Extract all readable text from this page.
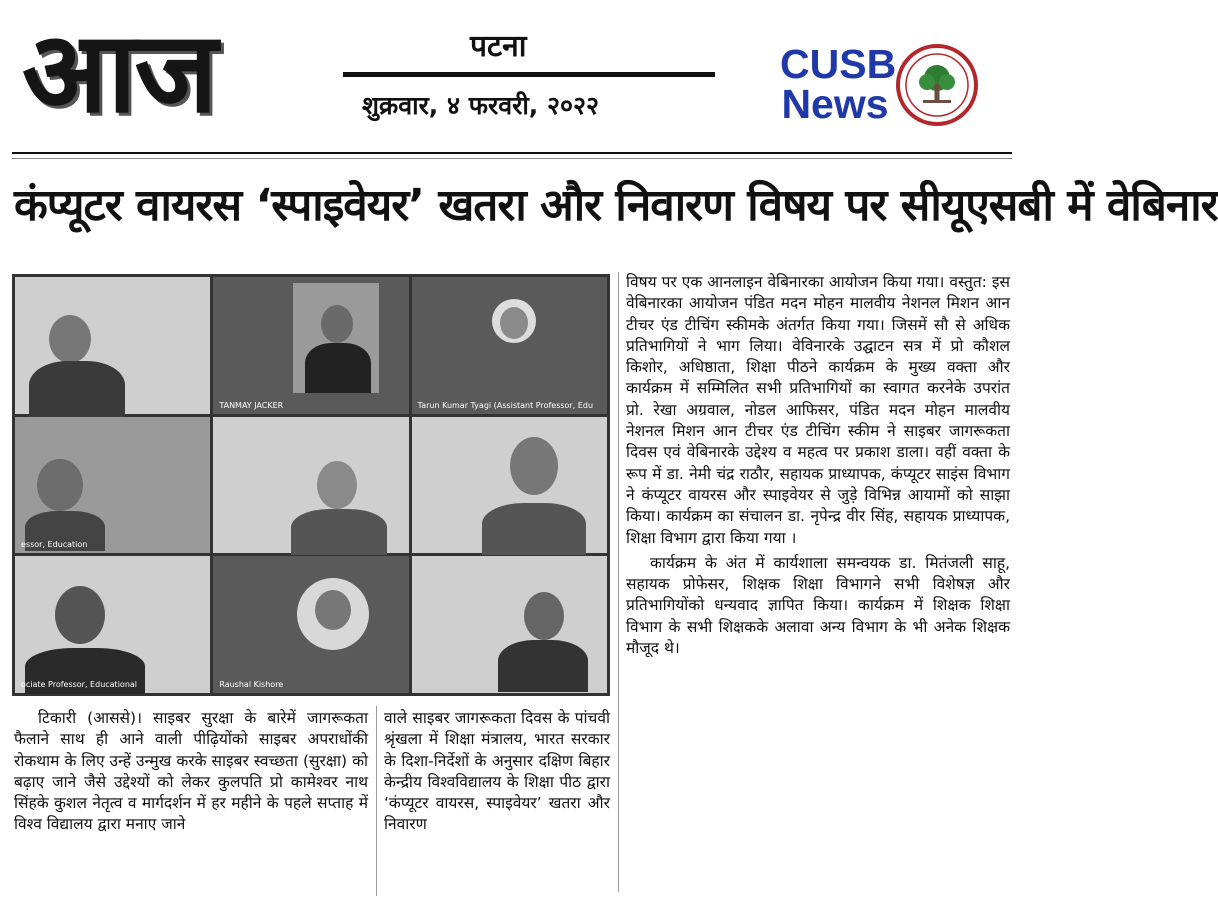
आज	पटना
शुक्रवार, ४ फरवरी, २०२२
CUSB
News
कंप्यूटर वायरस ‘स्पाइवेयर’ खतरा और निवारण विषय पर सीयूएसबी में वेबिनार
TANMAY JACKER	Tarun Kumar Tyagi (Assistant Professor, Edu
essor, Education
ociate Professor, Educational	Raushal Kishore

टिकारी (आससे)। साइबर सुरक्षा के बारेमें जागरूकता फैलाने साथ ही आने वाली पीढ़ियोंको साइबर अपराधोंकी रोकथाम के लिए उन्हें उन्मुख करके साइबर स्वच्छता (सुरक्षा) को बढ़ाए जाने जैसे उद्देश्यों को लेकर कुलपति प्रो कामेश्वर नाथ सिंहके कुशल नेतृत्व व मार्गदर्शन में हर महीने के पहले सप्ताह में विश्व विद्यालय द्वारा मनाए जाने

वाले साइबर जागरूकता दिवस के पांचवी श्रृंखला में शिक्षा मंत्रालय, भारत सरकार के दिशा-निर्देशों के अनुसार दक्षिण बिहार केन्द्रीय विश्वविद्यालय के शिक्षा पीठ द्वारा ‘कंप्यूटर वायरस, स्पाइवेयर’ खतरा और निवारण

विषय पर एक आनलाइन वेबिनारका आयोजन किया गया। वस्तुत: इस वेबिनारका आयोजन पंडित मदन मोहन मालवीय नेशनल मिशन आन टीचर एंड टीचिंग स्कीमके अंतर्गत किया गया। जिसमें सौ से अधिक प्रतिभागियों ने भाग लिया। वेविनारके उद्घाटन सत्र में प्रो कौशल किशोर, अधिष्ठाता, शिक्षा पीठने कार्यक्रम के मुख्य वक्ता और कार्यक्रम में सम्मिलित सभी प्रतिभागियों का स्वागत करनेके उपरांत प्रो. रेखा अग्रवाल, नोडल आफिसर, पंडित मदन मोहन मालवीय नेशनल मिशन आन टीचर एंड टीचिंग स्कीम ने साइबर जागरूकता दिवस एवं वेबिनारके उद्देश्य व महत्व पर प्रकाश डाला। वहीं वक्ता के रूप में डा. नेमी चंद्र राठौर, सहायक प्राध्यापक, कंप्यूटर साइंस विभाग ने कंप्यूटर वायरस और स्पाइवेयर से जुड़े विभिन्न आयामों को साझा किया। कार्यक्रम का संचालन डा. नृपेन्द्र वीर सिंह, सहायक प्राध्यापक, शिक्षा विभाग द्वारा किया गया ।

कार्यक्रम के अंत में कार्यशाला समन्वयक डा. मितंजली साहू, सहायक प्रोफेसर, शिक्षक शिक्षा विभागने सभी विशेषज्ञ और प्रतिभागियोंको धन्यवाद ज्ञापित किया। कार्यक्रम में शिक्षक शिक्षा विभाग के सभी शिक्षकके अलावा अन्य विभाग के भी अनेक शिक्षक मौजूद थे।
